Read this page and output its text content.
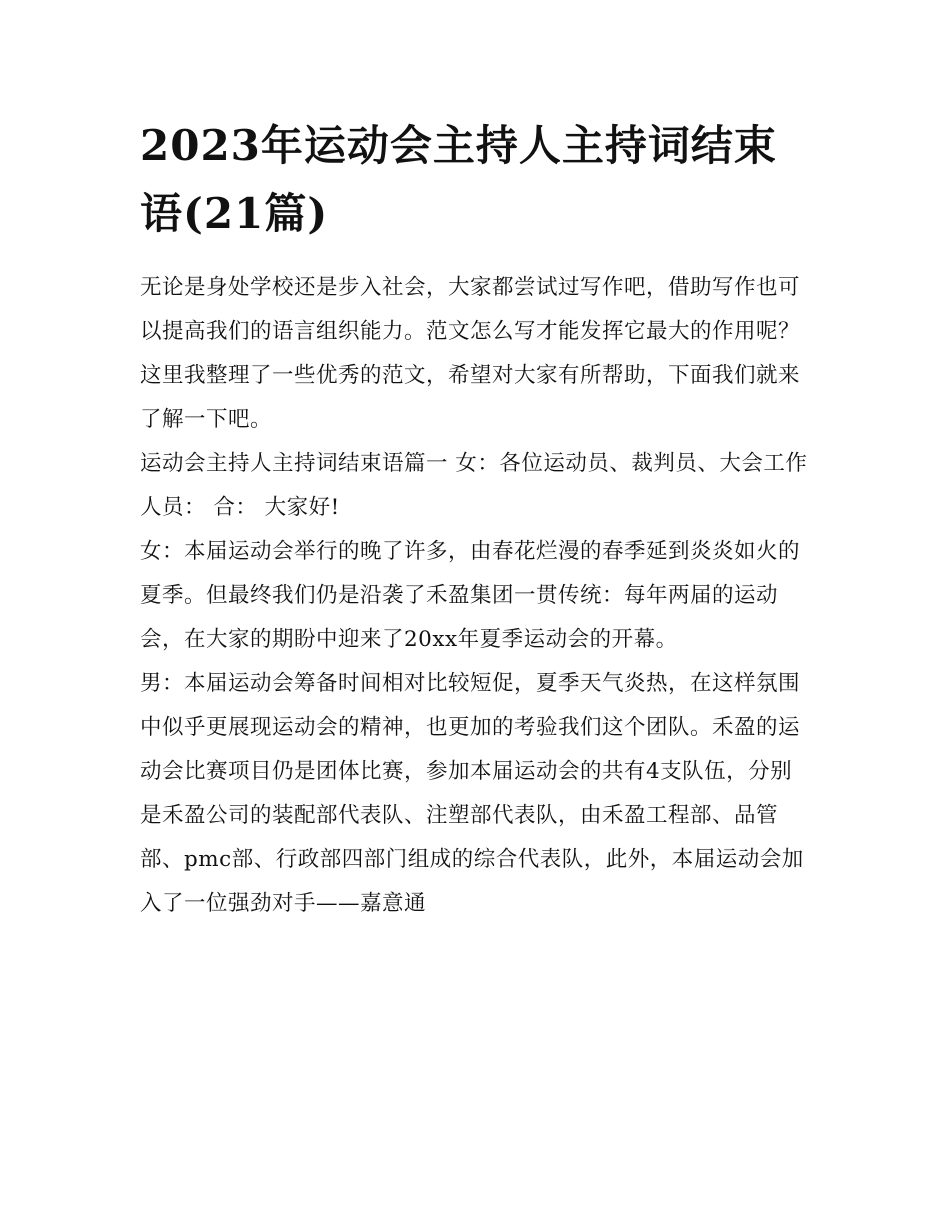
2023年运动会主持人主持词结束语(21篇)

无论是身处学校还是步入社会，大家都尝试过写作吧，借助写作也可以提高我们的语言组织能力。范文怎么写才能发挥它最大的作用呢？这里我整理了一些优秀的范文，希望对大家有所帮助，下面我们就来了解一下吧。

运动会主持人主持词结束语篇一 女：各位运动员、裁判员、大会工作人员： 合： 大家好!

女：本届运动会举行的晚了许多，由春花烂漫的春季延到炎炎如火的夏季。但最终我们仍是沿袭了禾盈集团一贯传统：每年两届的运动会，在大家的期盼中迎来了20xx年夏季运动会的开幕。

男：本届运动会筹备时间相对比较短促，夏季天气炎热，在这样氛围中似乎更展现运动会的精神，也更加的考验我们这个团队。禾盈的运动会比赛项目仍是团体比赛，参加本届运动会的共有4支队伍，分别是禾盈公司的装配部代表队、注塑部代表队，由禾盈工程部、品管部、pmc部、行政部四部门组成的综合代表队，此外，本届运动会加入了一位强劲对手——嘉意通
